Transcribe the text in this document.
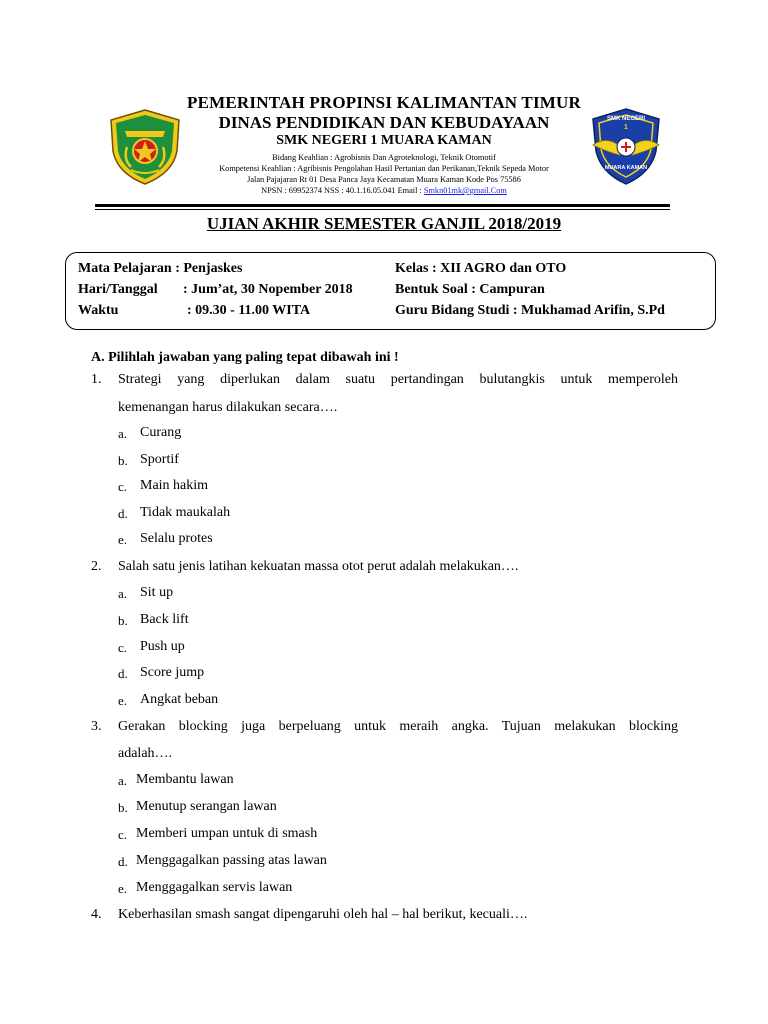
SMK NEGERI
1
MUARA KAMAN
PEMERINTAH PROPINSI KALIMANTAN TIMUR
DINAS PENDIDIKAN DAN KEBUDAYAAN
SMK NEGERI 1 MUARA KAMAN
Bidang Keahlian : Agrobisnis Dan Agroteknologi, Teknik Otomotif
Kompetensi Keahlian : Agribisnis Pengolahan Hasil Pertanian dan Perikanan,Teknik Sepeda Motor
Jalan Pajajaran Rt 01 Desa Panca Jaya Kecamatan Muara Kaman Kode Pos 75586
NPSN : 69952374 NSS : 40.1.16.05.041 Email : Smkn01mk@gmail.Com
UJIAN AKHIR SEMESTER GANJIL 2018/2019
Mata Pelajaran : Penjaskes
Hari/Tanggal : Jum’at, 30 Nopember 2018
Waktu	: 09.30 - 11.00 WITA
Kelas : XII AGRO dan OTO
Bentuk Soal : Campuran
Guru Bidang Studi : Mukhamad Arifin, S.Pd
A. Pilihlah jawaban yang paling tepat dibawah ini !
1. Strategi yang diperlukan dalam suatu pertandingan bulutangkis untuk memperoleh
kemenangan harus dilakukan secara….
a. Curang
b. Sportif
c. Main hakim
d. Tidak maukalah
e. Selalu protes
2. Salah satu jenis latihan kekuatan massa otot perut adalah melakukan….
a. Sit up
b. Back lift
c. Push up
d. Score jump
e. Angkat beban
3. Gerakan blocking juga berpeluang untuk meraih angka. Tujuan melakukan blocking
adalah….
a. Membantu lawan
b. Menutup serangan lawan
c. Memberi umpan untuk di smash
d. Menggagalkan passing atas lawan
e. Menggagalkan servis lawan
4. Keberhasilan smash sangat dipengaruhi oleh hal – hal berikut, kecuali….
